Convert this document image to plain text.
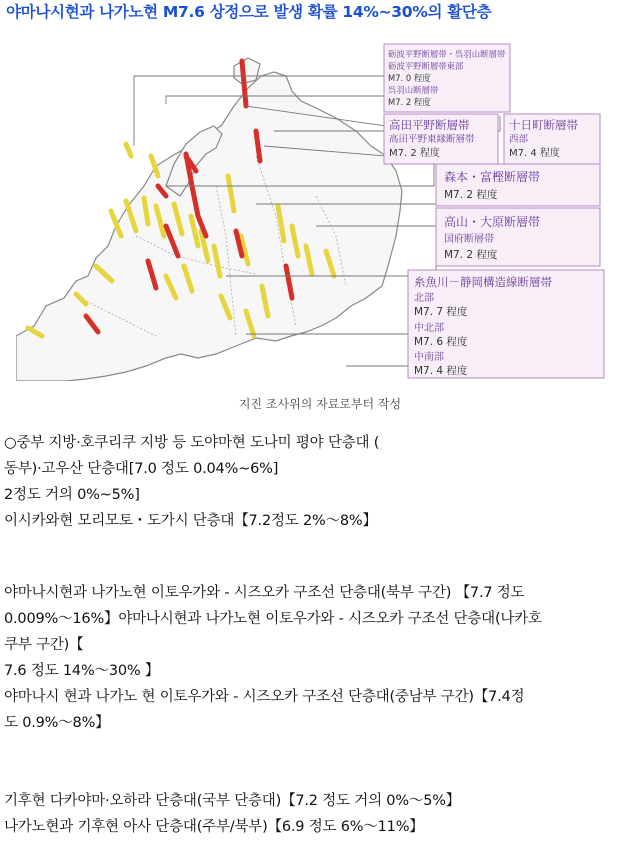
야마나시현과 나가노현 M7.6 상정으로 발생 확률 14%~30%의 활단층
砺波平野断層帯・呉羽山断層帯
砺波平野断層帯東部
M7. 0 程度
呉羽山断層帯
M7. 2 程度
高田平野断層帯
高田平野東縁断層帯
M7. 2 程度
十日町断層帯
西部
M7. 4 程度
森本・富樫断層帯
M7. 2 程度
高山・大原断層帯
国府断層帯
M7. 2 程度
糸魚川－静岡構造線断層帯
北部
M7. 7 程度
中北部
M7. 6 程度
中南部
M7. 4 程度
지진 조사위의 자료로부터 작성
○중부 지방·호쿠리쿠 지방 등 도야마현 도나미 평야 단층대 (
동부)·고우산 단층대[7.0 정도 0.04%~6%]
2정도 거의 0%~5%]
이시카와현 모리모토・도가시 단층대【7.2정도 2%～8%】
야마나시현과 나가노현 이토우가와 - 시즈오카 구조선 단층대(북부 구간) 【7.7 정도
0.009%～16%】야마나시현과 나가노현 이토우가와 - 시즈오카 구조선 단층대(나카호
쿠부 구간)【
7.6 정도 14%～30% 】
야마나시 현과 나가노 현 이토우가와 - 시즈오카 구조선 단층대(중남부 구간)【7.4정
도 0.9%～8%】
기후현 다카야마·오하라 단층대(국부 단층대)【7.2 정도 거의 0%～5%】
나가노현과 기후현 아사 단층대(주부/북부)【6.9 정도 6%～11%】
